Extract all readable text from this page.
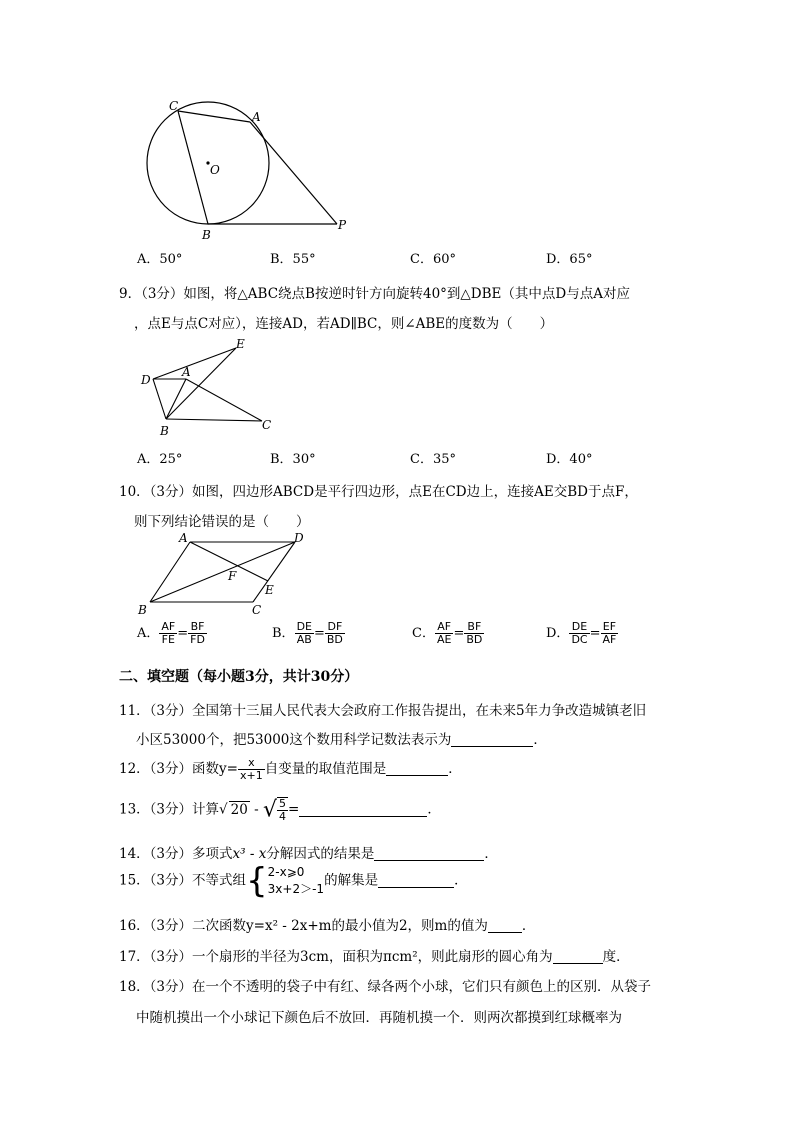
C
A
O
B
P
A．50°	B．55°	C．60°	D．65°
9．（3分）如图，将△ABC绕点B按逆时针方向旋转40°到△DBE（其中点D与点A对应
，点E与点C对应），连接AD，若AD∥BC，则∠ABE的度数为（　　）
E
D
A
B	C
A．25°	B．30°	C．35°	D．40°
10．（3分）如图，四边形ABCD是平行四边形，点E在CD边上，连接AE交BD于点F，
则下列结论错误的是（　　）
A	D
F
E
B	C
A． $\frac{AF}{FE} = \frac{BF}{FD}$	B． $\frac{DE}{AB} = \frac{DF}{BD}$	C． $\frac{AF}{AE} = \frac{BF}{BD}$	D． $\frac{DE}{DC} = \frac{EF}{AF}$
二、填空题（每小题3分，共计30分）
11．（3分）全国第十三届人民代表大会政府工作报告提出，在未来5年力争改造城镇老旧
小区53000个，把53000这个数用科学记数法表示为	．
12．（3分）函数$y= \frac{x}{x+1}$ 自变量的取值范围是	．
13．（3分）计算√ 20 - √ $\frac{5}{4}$ =	．
14．（3分）多项式x³ - x分解因式的结果是	．
15．（3分）不等式组{ 2-x⩾0
3x+2＞-1
的解集是	．
16．（3分）二次函数y=x² - 2x+m的最小值为2，则m的值为	．
17．（3分）一个扇形的半径为3cm，面积为πcm²，则此扇形的圆心角为	度．
18．（3分）在一个不透明的袋子中有红、绿各两个小球，它们只有颜色上的区别．从袋子
中随机摸出一个小球记下颜色后不放回．再随机摸一个．则两次都摸到红球概率为
